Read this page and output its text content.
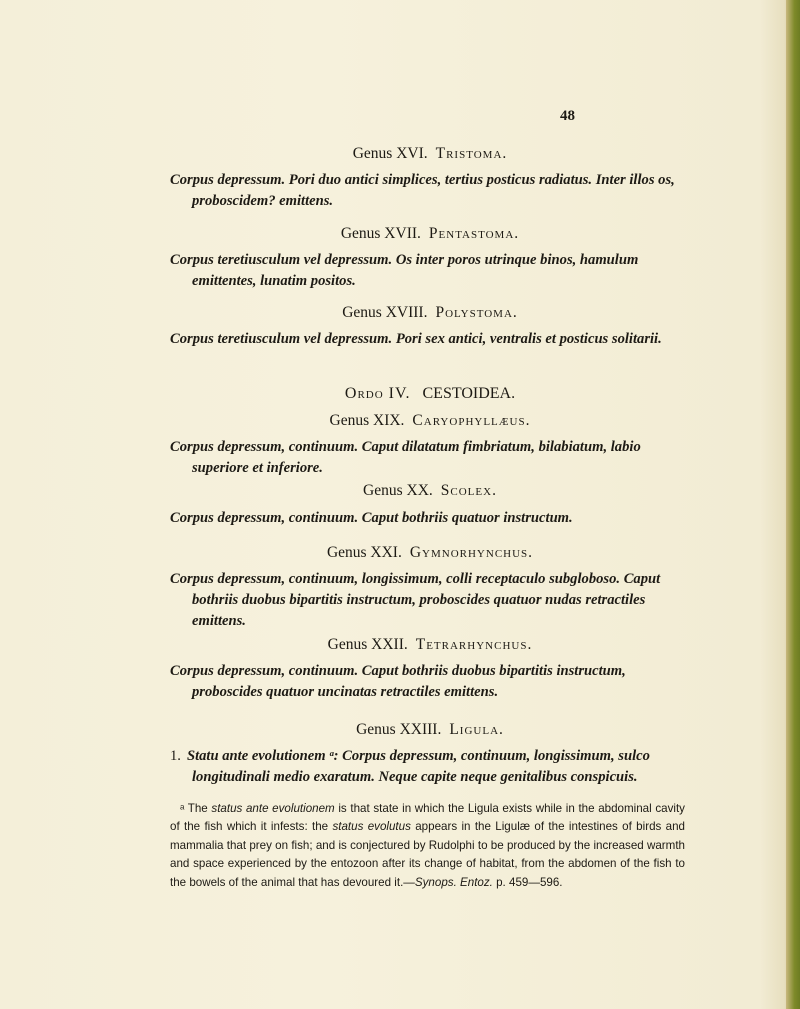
48
Genus XVI. Tristoma.
Corpus depressum. Pori duo antici simplices, tertius posticus radiatus. Inter illos os, proboscidem? emittens.
Genus XVII. Pentastoma.
Corpus teretiusculum vel depressum. Os inter poros utrinque binos, hamulum emittentes, lunatim positos.
Genus XVIII. Polystoma.
Corpus teretiusculum vel depressum. Pori sex antici, ventralis et posticus solitarii.
Ordo IV. CESTOIDEA.
Genus XIX. Caryophyllæus.
Corpus depressum, continuum. Caput dilatatum fimbriatum, bilabiatum, labio superiore et inferiore.
Genus XX. Scolex.
Corpus depressum, continuum. Caput bothriis quatuor instructum.
Genus XXI. Gymnorhynchus.
Corpus depressum, continuum, longissimum, colli receptaculo subgloboso. Caput bothriis duobus bipartitis instructum, proboscides quatuor nudas retractiles emittens.
Genus XXII. Tetrarhynchus.
Corpus depressum, continuum. Caput bothriis duobus bipartitis instructum, proboscides quatuor uncinatas retractiles emittens.
Genus XXIII. Ligula.
1. Statu ante evolutionem ᵃ: Corpus depressum, continuum, longissimum, sulco longitudinali medio exaratum. Neque capite neque genitalibus conspicuis.
ᵃ The status ante evolutionem is that state in which the Ligula exists while in the abdominal cavity of the fish which it infests: the status evolutus appears in the Ligulæ of the intestines of birds and mammalia that prey on fish; and is conjectured by Rudolphi to be produced by the increased warmth and space experienced by the entozoon after its change of habitat, from the abdomen of the fish to the bowels of the animal that has devoured it.—Synops. Entoz. p. 459—596.
